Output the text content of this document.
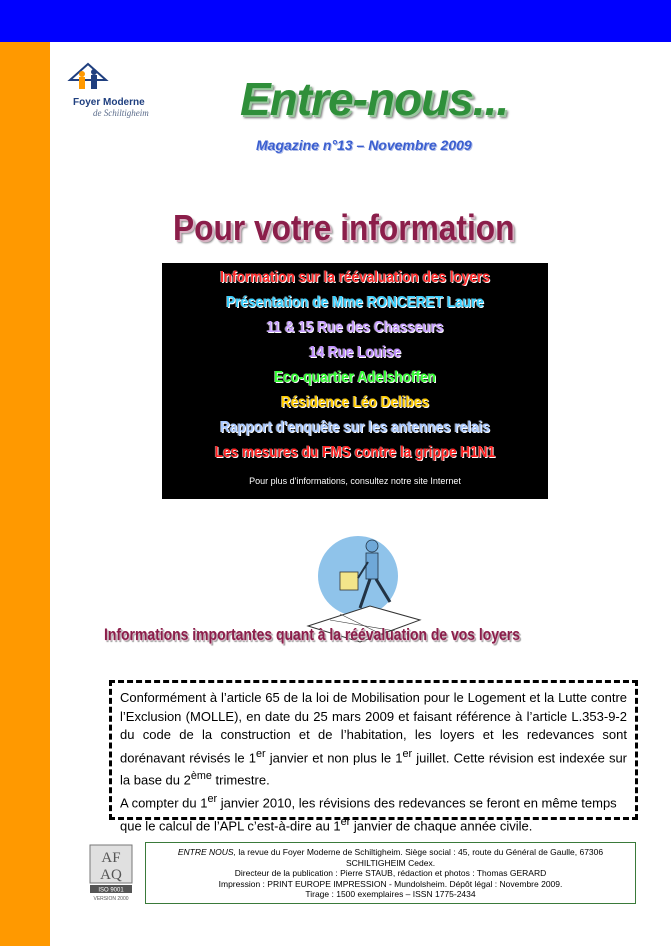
Foyer Moderne
de Schiltigheim Entre-nous...
Magazine n°13 – Novembre 2009
Pour votre information
Information sur la réévaluation des loyers
Présentation de Mme RONCERET Laure
11 & 15 Rue des Chasseurs
14 Rue Louise
Eco-quartier Adelshoffen
Résidence Léo Delibes
Rapport d'enquête sur les antennes relais
Les mesures du FMS contre la grippe H1N1
Pour plus d'informations, consultez notre site Internet
Informations importantes quant à la réévaluation de vos loyers

Conformément à l’article 65 de la loi de Mobilisation pour le Logement et la Lutte contre l’Exclusion (MOLLE), en date du 25 mars 2009 et faisant référence à l’article L.353-9-2 du code de la construction et de l’habitation, les loyers et les redevances sont dorénavant révisés le 1er janvier et non plus le 1er juillet. Cette révision est indexée sur la base du 2ème trimestre.

A compter du 1er janvier 2010, les révisions des redevances se feront en même temps que le calcul de l’APL c’est-à-dire au 1er janvier de chaque année civile.

AF
AQ
ISO 9001
VERSION 2000
ENTRE NOUS, la revue du Foyer Moderne de Schiltigheim. Siège social : 45, route du Général de Gaulle, 67306
SCHILTIGHEIM Cedex.
Directeur de la publication : Pierre STAUB, rédaction et photos : Thomas GERARD
Impression : PRINT EUROPE IMPRESSION - Mundolsheim. Dépôt légal : Novembre 2009.
Tirage : 1500 exemplaires – ISSN 1775-2434
